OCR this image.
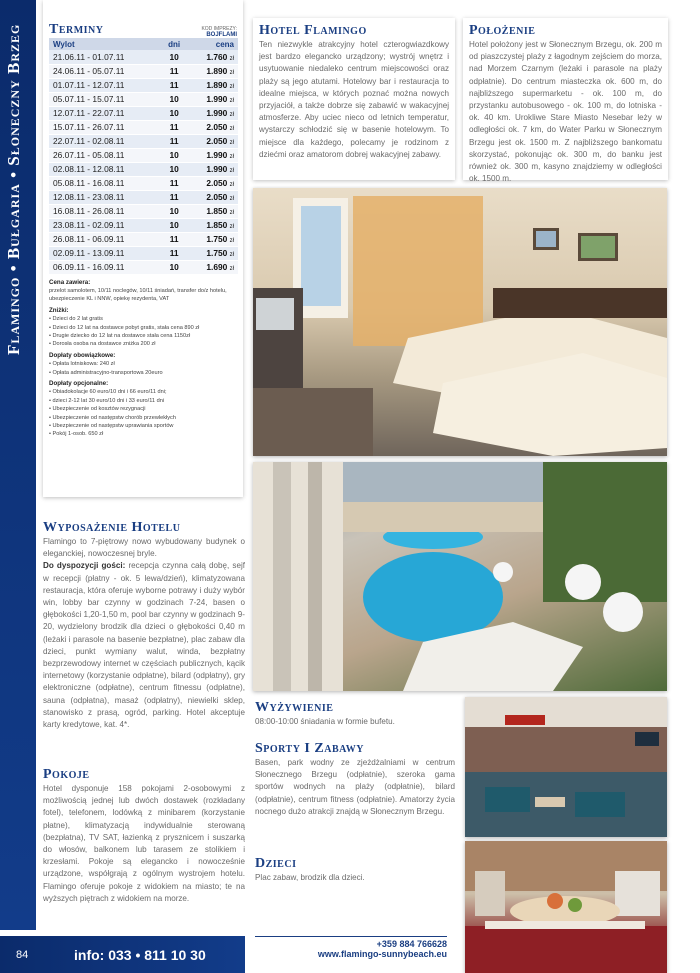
Flamingo • Bułgaria • Słoneczny Brzeg Terminy	KOD IMPREZY:
BOJFLAMI
Wylot	dni	cena
21.06.11 - 01.07.11	10	1.760 zł
24.06.11 - 05.07.11	11	1.890 zł
01.07.11 - 12.07.11	11	1.890 zł
05.07.11 - 15.07.11	10	1.990 zł
12.07.11 - 22.07.11	10	1.990 zł
15.07.11 - 26.07.11	11	2.050 zł
22.07.11 - 02.08.11	11	2.050 zł
26.07.11 - 05.08.11	10	1.990 zł
02.08.11 - 12.08.11	10	1.990 zł
05.08.11 - 16.08.11	11	2.050 zł
12.08.11 - 23.08.11	11	2.050 zł
16.08.11 - 26.08.11	10	1.850 zł
23.08.11 - 02.09.11	10	1.850 zł
26.08.11 - 06.09.11	11	1.750 zł
02.09.11 - 13.09.11	11	1.750 zł
06.09.11 - 16.09.11	10	1.690 zł
Cena zawiera:
przelot samolotem, 10/11 noclegów, 10/11 śniadań, transfer do/z hotelu, ubezpieczenie KL i NNW, opiekę rezydenta, VAT
Zniżki:
• Dzieci do 2 lat gratis
• Dzieci do 12 lat na dostawce pobyt gratis, stała cena 890 zł
• Drugie dziecko do 12 lat na dostawce stała cena 1150zł
• Dorosła osoba na dostawce zniżka 200 zł
Dopłaty obowiązkowe:
• Opłata lotniskowa: 240 zł
• Opłata administracyjno-transportowa 20euro
Dopłaty opcjonalne:
• Obiadokolacje 60 euro/10 dni i 66 euro/11 dni;
• dzieci 2-12 lat 30 euro/10 dni i 33 euro/11 dni
• Ubezpieczenie od kosztów rezygnacji
• Ubezpieczenie od następstw chorób przewlekłych
• Ubezpieczenie od następstw uprawiania sportów
• Pokój 1-osob. 650 zł
Hotel Flamingo
Ten niezwykle atrakcyjny hotel czterogwiazdkowy jest bardzo elegancko urządzony; wystrój wnętrz i usytuowanie niedaleko centrum miejscowości oraz plaży są jego atutami. Hotelowy bar i restauracja to idealne miejsca, w których poznać można nowych przyjaciół, a także dobrze się zabawić w wakacyjnej atmosferze. Aby uciec nieco od letnich temperatur, wystarczy schłodzić się w basenie hotelowym. To miejsce dla każdego, polecamy je rodzinom z dziećmi oraz amatorom dobrej wakacyjnej zabawy.
Położenie
Hotel położony jest w Słonecznym Brzegu, ok. 200 m od piaszczystej plaży z łagodnym zejściem do morza, nad Morzem Czarnym (leżaki i parasole na plaży odpłatnie). Do centrum miasteczka ok. 600 m, do najbliższego supermarketu - ok. 100 m, do przystanku autobusowego - ok. 100 m, do lotniska - ok. 40 km. Urokliwe Stare Miasto Nesebar leży w odległości ok. 7 km, do Water Parku w Słonecznym Brzegu jest ok. 1500 m. Z najbliższego bankomatu skorzystać, pokonując ok. 300 m, do banku jest również ok. 300 m, kasyno znajdziemy w odległości ok. 1500 m.
Wyposażenie Hotelu
Flamingo to 7-piętrowy nowo wybudowany budynek o eleganckiej, nowoczesnej bryle.
Do dyspozycji gości: recepcja czynna całą dobę, sejf w recepcji (płatny - ok. 5 lewa/dzień), klimatyzowana restauracja, która oferuje wyborne potrawy i duży wybór win, lobby bar czynny w godzinach 7-24, basen o głębokości 1,20-1,50 m, pool bar czynny w godzinach 9-20, wydzielony brodzik dla dzieci o głębokości 0,40 m (leżaki i parasole na basenie bezpłatne), plac zabaw dla dzieci, punkt wymiany walut, winda, bezpłatny bezprzewodowy internet w częściach publicznych, kącik internetowy (korzystanie odpłatne), bilard (odpłatny), gry elektroniczne (odpłatne), centrum fitnessu (odpłatne), sauna (odpłatna), masaż (odpłatny), niewielki sklep, stanowisko z prasą, ogród, parking. Hotel akceptuje karty kredytowe, kat. 4*.
Pokoje
Hotel dysponuje 158 pokojami 2-osobowymi z możliwością jednej lub dwóch dostawek (rozkładany fotel), telefonem, lodówką z minibarem (korzystanie płatne), klimatyzacją indywidualnie sterowaną (bezpłatna), TV SAT, łazienką z prysznicem i suszarką do włosów, balkonem lub tarasem ze stolikiem i krzesłami. Pokoje są elegancko i nowocześnie urządzone, współgrają z ogólnym wystrojem hotelu. Flamingo oferuje pokoje z widokiem na miasto; te na wyższych piętrach z widokiem na morze.
Wyżywienie
08:00-10:00 śniadania w formie bufetu.
Sporty I Zabawy
Basen, park wodny ze zjeżdżalniami w centrum Słonecznego Brzegu (odpłatnie), szeroka gama sportów wodnych na plaży (odpłatnie), bilard (odpłatnie), centrum fitness (odpłatnie). Amatorzy życia nocnego dużo atrakcji znajdą w Słonecznym Brzegu.
Dzieci
Plac zabaw, brodzik dla dzieci.
84	info: 033 • 811 10 30
+359 884 766628
www.flamingo-sunnybeach.eu
